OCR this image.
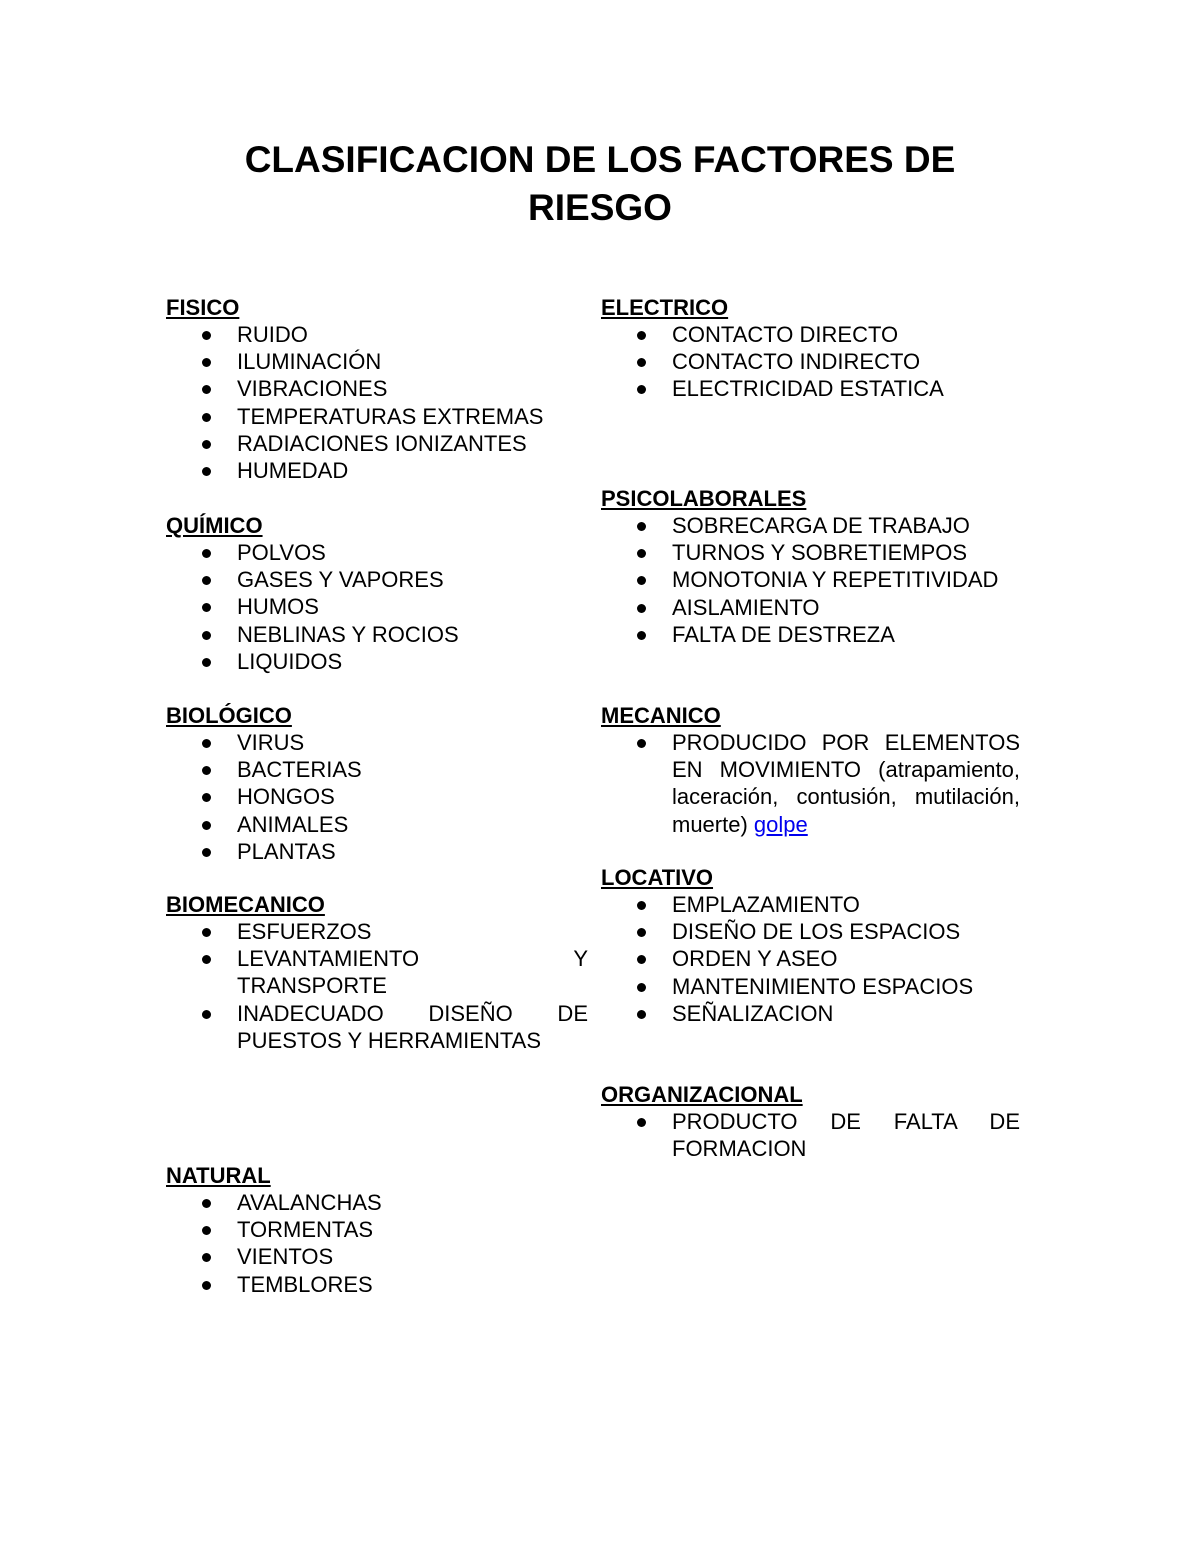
CLASIFICACION DE LOS FACTORES DE
RIESGO
FISICO
RUIDO
ILUMINACIÓN
VIBRACIONES
TEMPERATURAS EXTREMAS
RADIACIONES IONIZANTES
HUMEDAD
QUÍMICO
POLVOS
GASES Y VAPORES
HUMOS
NEBLINAS Y ROCIOS
LIQUIDOS
BIOLÓGICO
VIRUS
BACTERIAS
HONGOS
ANIMALES
PLANTAS
BIOMECANICO
ESFUERZOS
LEVANTAMIENTO Y TRANSPORTE
INADECUADO DISEÑO DE PUESTOS Y HERRAMIENTAS
NATURAL
AVALANCHAS
TORMENTAS
VIENTOS
TEMBLORES
ELECTRICO
CONTACTO DIRECTO
CONTACTO INDIRECTO
ELECTRICIDAD ESTATICA
PSICOLABORALES
SOBRECARGA DE TRABAJO
TURNOS Y SOBRETIEMPOS
MONOTONIA Y REPETITIVIDAD
AISLAMIENTO
FALTA DE DESTREZA
MECANICO
PRODUCIDO POR ELEMENTOS EN MOVIMIENTO (atrapamiento, laceración, contusión, mutilación, muerte) golpe
LOCATIVO
EMPLAZAMIENTO
DISEÑO DE LOS ESPACIOS
ORDEN Y ASEO
MANTENIMIENTO ESPACIOS
SEÑALIZACION
ORGANIZACIONAL
PRODUCTO DE FALTA DE FORMACION
